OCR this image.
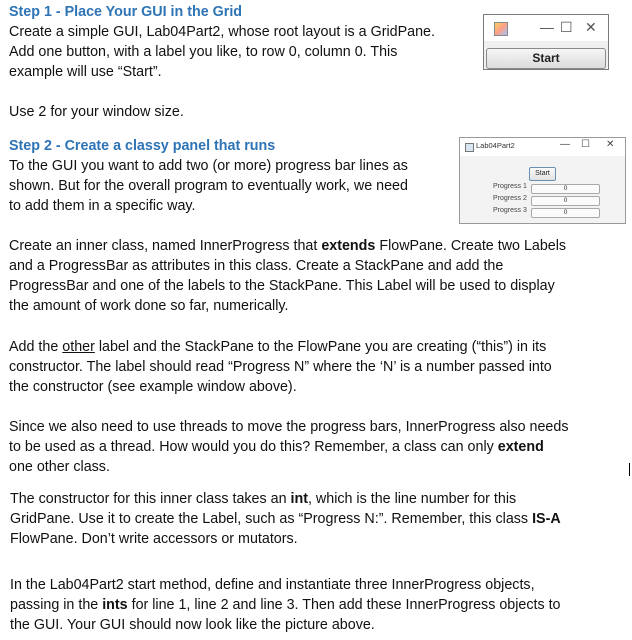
Step 1 - Place Your GUI in the Grid
Create a simple GUI, Lab04Part2, whose root layout is a GridPane.
Add one button, with a label you like, to row 0, column 0. This
example will use “Start”.
Use 2 for your window size.
— ☐ ✕
Start
Step 2 - Create a classy panel that runs
To the GUI you want to add two (or more) progress bar lines as
shown. But for the overall program to eventually work, we need
to add them in a specific way.
Lab04Part2	— ☐ ✕
Start
Progress 1	0
Progress 2	0
Progress 3	0
Create an inner class, named InnerProgress that extends FlowPane. Create two Labels
and a ProgressBar as attributes in this class. Create a StackPane and add the
ProgressBar and one of the labels to the StackPane. This Label will be used to display
the amount of work done so far, numerically.
Add the other label and the StackPane to the FlowPane you are creating (“this”) in its
constructor. The label should read “Progress N” where the ‘N’ is a number passed into
the constructor (see example window above).
Since we also need to use threads to move the progress bars, InnerProgress also needs
to be used as a thread. How would you do this? Remember, a class can only extend
one other class.
The constructor for this inner class takes an int, which is the line number for this
GridPane. Use it to create the Label, such as “Progress N:”. Remember, this class IS-A
FlowPane. Don’t write accessors or mutators.
In the Lab04Part2 start method, define and instantiate three InnerProgress objects,
passing in the ints for line 1, line 2 and line 3. Then add these InnerProgress objects to
the GUI. Your GUI should now look like the picture above.
